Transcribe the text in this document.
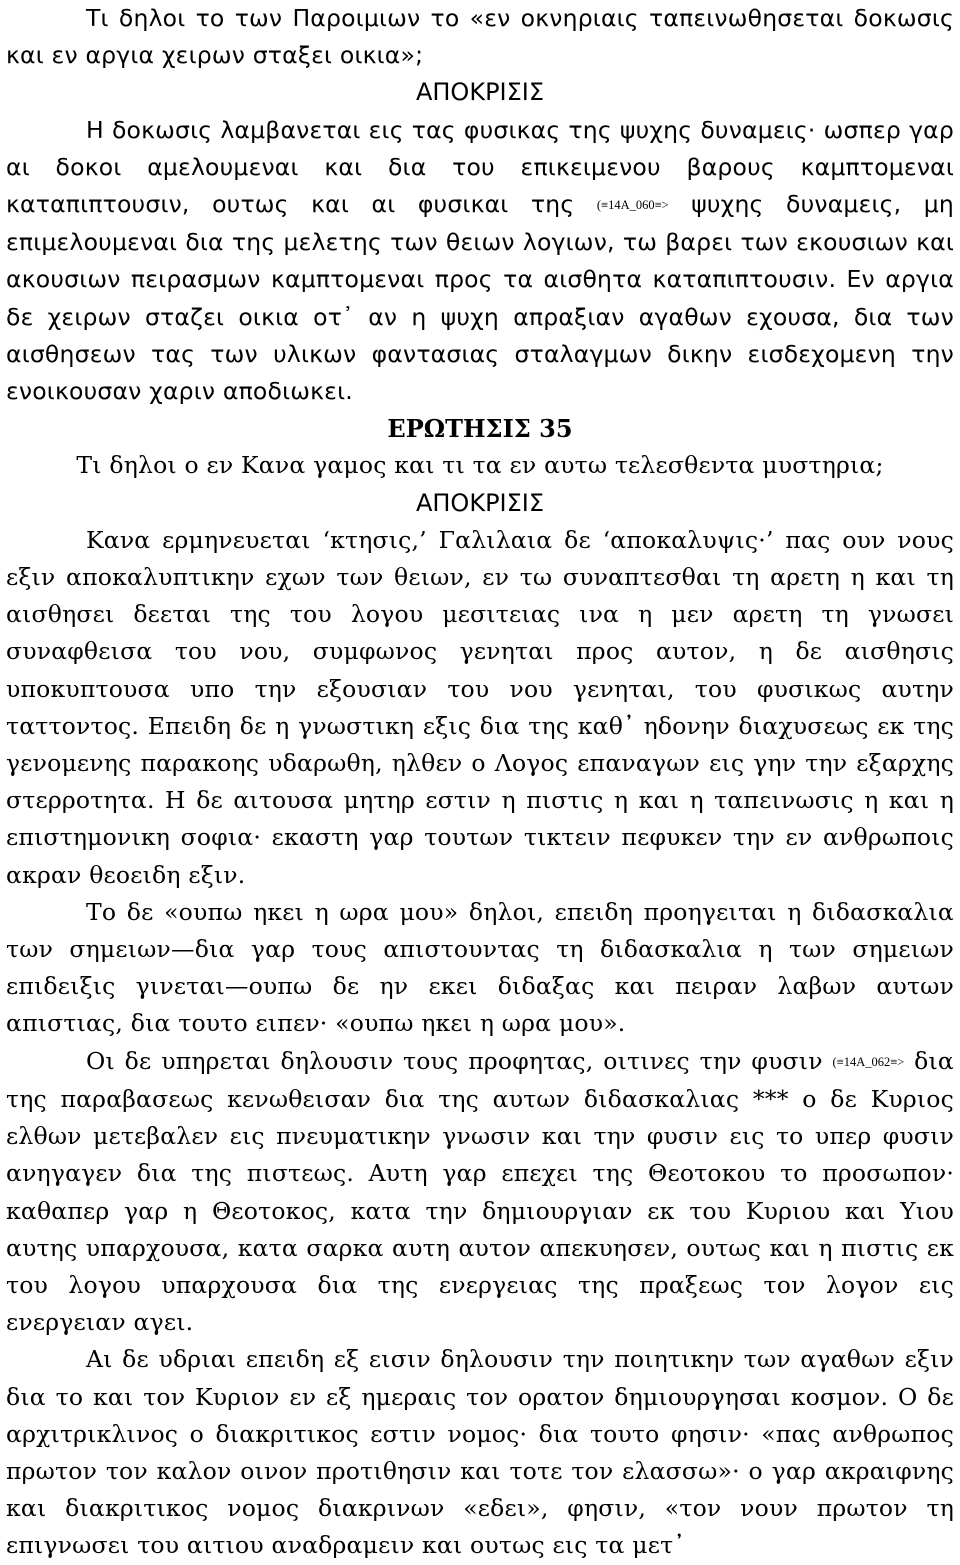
Τι δηλοι το των Παροιμιων το «εν οκνηριαις ταπεινωθησεται δοκωσις και εν αργια χειρων σταξει οικια»;

ΑΠΟΚΡΙΣΙΣ

Η δοκωσις λαμβανεται εις τας φυσικας της ψυχης δυναμεις· ωσπερ γαρ αι δοκοι αμελουμεναι και δια του επικειμενου βαρους καμπτομεναι καταπιπτουσιν, ουτως και αι φυσικαι της (≡14A_060≡> ψυχης δυναμεις, μη επιμελουμεναι δια της μελετης των θειων λογιων, τω βαρει των εκουσιων και ακουσιων πειρασμων καμπτομεναι προς τα αισθητα καταπιπτουσιν. Εν αργια δε χειρων σταζει οικια οτ᾽ αν η ψυχη απραξιαν αγαθων εχουσα, δια των αισθησεων τας των υλικων φαντασιας σταλαγμων δικην εισδεχομενη την ενοικουσαν χαριν αποδιωκει.

ΕΡΩΤΗΣΙΣ 35

Τι δηλοι ο εν Κανα γαμος και τι τα εν αυτω τελεσθεντα μυστηρια;

ΑΠΟΚΡΙΣΙΣ

Κανα ερμηνευεται ‘κτησις,’ Γαλιλαια δε ‘αποκαλυψις·’ πας ουν νους εξιν αποκαλυπτικην εχων των θειων, εν τω συναπτεσθαι τη αρετη η και τη αισθησει δεεται της του λογου μεσιτειας ινα η μεν αρετη τη γνωσει συναφθεισα του νου, συμφωνος γενηται προς αυτον, η δε αισθησις υποκυπτουσα υπο την εξουσιαν του νου γενηται, του φυσικως αυτην ταττοντος. Επειδη δε η γνωστικη εξις δια της καθ᾽ ηδονην διαχυσεως εκ της γενομενης παρακοης υδαρωθη, ηλθεν ο Λογος επαναγων εις γην την εξαρχης στερροτητα. Η δε αιτουσα μητηρ εστιν η πιστις η και η ταπεινωσις η και η επιστημονικη σοφια· εκαστη γαρ τουτων τικτειν πεφυκεν την εν ανθρωποις ακραν θεοειδη εξιν.

Το δε «ουπω ηκει η ωρα μου» δηλοι, επειδη προηγειται η διδασκαλια των σημειων—δια γαρ τους απιστουντας τη διδασκαλια η των σημειων επιδειξις γινεται—ουπω δε ην εκει διδαξας και πειραν λαβων αυτων απιστιας, δια τουτο ειπεν· «ουπω ηκει η ωρα μου».

Οι δε υπηρεται δηλουσιν τους προφητας, οιτινες την φυσιν (≡14A_062≡> δια της παραβασεως κενωθεισαν δια της αυτων διδασκαλιας *** ο δε Κυριος ελθων μετεβαλεν εις πνευματικην γνωσιν και την φυσιν εις το υπερ φυσιν ανηγαγεν δια της πιστεως. Αυτη γαρ επεχει της Θεοτοκου το προσωπον· καθαπερ γαρ η Θεοτοκος, κατα την δημιουργιαν εκ του Κυριου και Υιου αυτης υπαρχουσα, κατα σαρκα αυτη αυτον απεκυησεν, ουτως και η πιστις εκ του λογου υπαρχουσα δια της ενεργειας της πραξεως τον λογον εις ενεργειαν αγει.

Αι δε υδριαι επειδη εξ εισιν δηλουσιν την ποιητικην των αγαθων εξιν δια το και τον Κυριον εν εξ ημεραις τον ορατον δημιουργησαι κοσμον. Ο δε αρχιτρικλινος ο διακριτικος εστιν νομος· δια τουτο φησιν· «πας ανθρωπος πρωτον τον καλον οινον προτιθησιν και τοτε τον ελασσω»· ο γαρ ακραιφνης και διακριτικος νομος διακρινων «εδει», φησιν, «τον νουν πρωτον τη επιγνωσει του αιτιου αναδραμειν και ουτως εις τα μετ᾽
